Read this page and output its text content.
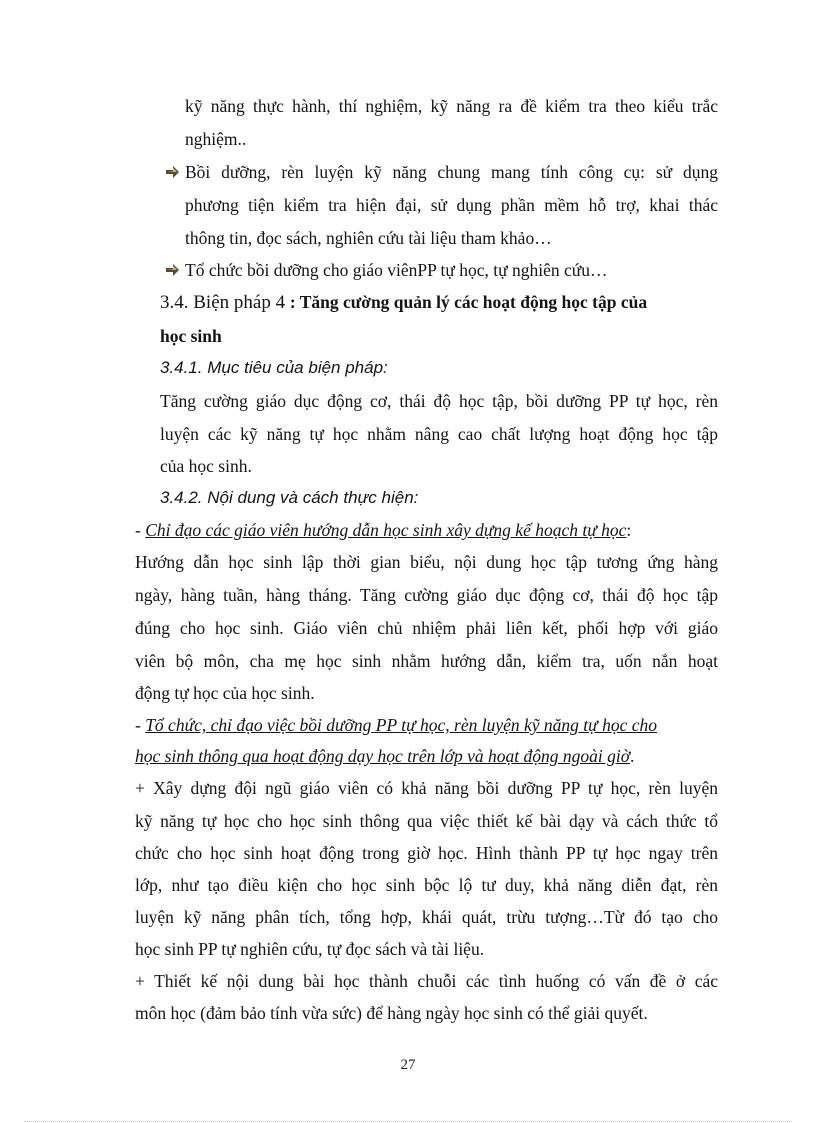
kỹ năng thực hành, thí nghiệm, kỹ năng ra đề kiểm tra theo kiểu trắc
nghiệm..
Bồi dưỡng, rèn luyện kỹ năng chung mang tính công cụ: sử dụng
phương tiện kiểm tra hiện đại, sử dụng phần mềm hỗ trợ, khai thác
thông tin, đọc sách, nghiên cứu tài liệu tham khảo…
Tổ chức bồi dưỡng cho giáo viênPP tự học, tự nghiên cứu…
3.4. Biện pháp 4 : Tăng cường quản lý các hoạt động học tập của
học sinh
3.4.1. Mục tiêu của biện pháp:
Tăng cường giáo dục động cơ, thái độ học tập, bồi dưỡng PP tự học, rèn
luyện các kỹ năng tự học nhằm nâng cao chất lượng hoạt động học tập
của học sinh.
3.4.2. Nội dung và cách thực hiện:
- Chỉ đạo các giáo viên hướng dẫn học sinh xây dựng kế hoạch tự học:
Hướng dẫn học sinh lập thời gian biểu, nội dung học tập tương ứng hàng
ngày, hàng tuần, hàng tháng. Tăng cường giáo dục động cơ, thái độ học tập
đúng cho học sinh. Giáo viên chủ nhiệm phải liên kết, phối hợp với giáo
viên bộ môn, cha mẹ học sinh nhằm hướng dẫn, kiểm tra, uốn nắn hoạt
động tự học của học sinh.
- Tổ chức, chỉ đạo việc bồi dưỡng PP tự học, rèn luyện kỹ năng tự học cho
học sinh thông qua hoạt động dạy học trên lớp và hoạt động ngoài giờ.
+ Xây dựng đội ngũ giáo viên có khả năng bồi dưỡng PP tự học, rèn luyện
kỹ năng tự học cho học sinh thông qua việc thiết kế bài dạy và cách thức tổ
chức cho học sinh hoạt động trong giờ học. Hình thành PP tự học ngay trên
lớp, như tạo điều kiện cho học sinh bộc lộ tư duy, khả năng diễn đạt, rèn
luyện kỹ năng phân tích, tổng hợp, khái quát, trừu tượng…Từ đó tạo cho
học sinh PP tự nghiên cứu, tự đọc sách và tài liệu.
+ Thiết kế nội dung bài học thành chuỗi các tình huống có vấn đề ở các
môn học (đảm bảo tính vừa sức) để hàng ngày học sinh có thể giải quyết.
27
